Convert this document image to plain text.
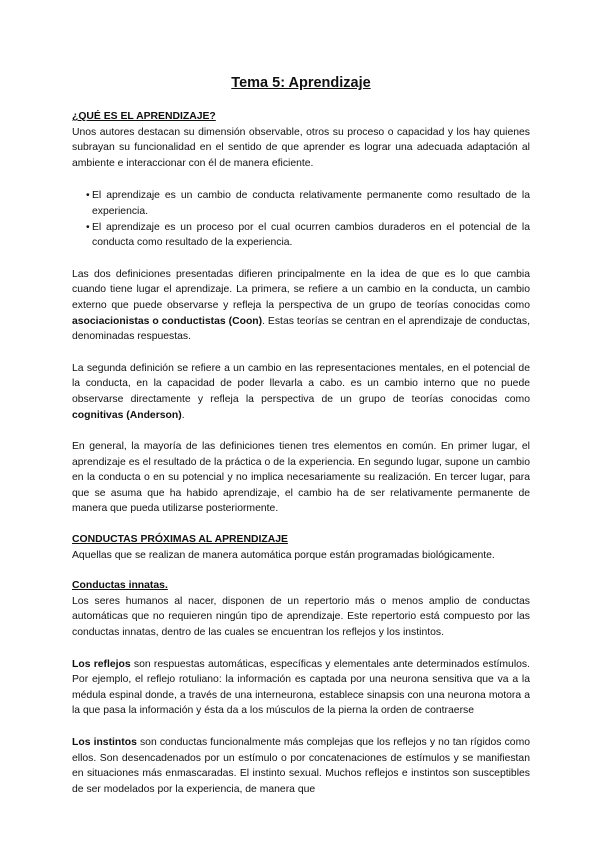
Tema 5: Aprendizaje
¿QUÉ ES EL APRENDIZAJE?

Unos autores destacan su dimensión observable, otros su proceso o capacidad y los hay quienes subrayan su funcionalidad en el sentido de que aprender es lograr una adecuada adaptación al ambiente e interaccionar con él de manera eficiente.

• El aprendizaje es un cambio de conducta relativamente permanente como resultado de la experiencia.
• El aprendizaje es un proceso por el cual ocurren cambios duraderos en el potencial de la conducta como resultado de la experiencia.

Las dos definiciones presentadas difieren principalmente en la idea de que es lo que cambia cuando tiene lugar el aprendizaje. La primera, se refiere a un cambio en la conducta, un cambio externo que puede observarse y refleja la perspectiva de un grupo de teorías conocidas como asociacionistas o conductistas (Coon). Estas teorías se centran en el aprendizaje de conductas, denominadas respuestas.

La segunda definición se refiere a un cambio en las representaciones mentales, en el potencial de la conducta, en la capacidad de poder llevarla a cabo. es un cambio interno que no puede observarse directamente y refleja la perspectiva de un grupo de teorías conocidas como cognitivas (Anderson).

En general, la mayoría de las definiciones tienen tres elementos en común. En primer lugar, el aprendizaje es el resultado de la práctica o de la experiencia. En segundo lugar, supone un cambio en la conducta o en su potencial y no implica necesariamente su realización. En tercer lugar, para que se asuma que ha habido aprendizaje, el cambio ha de ser relativamente permanente de manera que pueda utilizarse posteriormente.

CONDUCTAS PRÓXIMAS AL APRENDIZAJE

Aquellas que se realizan de manera automática porque están programadas biológicamente.

Conductas innatas.

Los seres humanos al nacer, disponen de un repertorio más o menos amplio de conductas automáticas que no requieren ningún tipo de aprendizaje. Este repertorio está compuesto por las conductas innatas, dentro de las cuales se encuentran los reflejos y los instintos.

Los reflejos son respuestas automáticas, específicas y elementales ante determinados estímulos. Por ejemplo, el reflejo rotuliano: la información es captada por una neurona sensitiva que va a la médula espinal donde, a través de una interneurona, establece sinapsis con una neurona motora a la que pasa la información y ésta da a los músculos de la pierna la orden de contraerse

Los instintos son conductas funcionalmente más complejas que los reflejos y no tan rígidos como ellos. Son desencadenados por un estímulo o por concatenaciones de estímulos y se manifiestan en situaciones más enmascaradas. El instinto sexual. Muchos reflejos e instintos son susceptibles de ser modelados por la experiencia, de manera que
